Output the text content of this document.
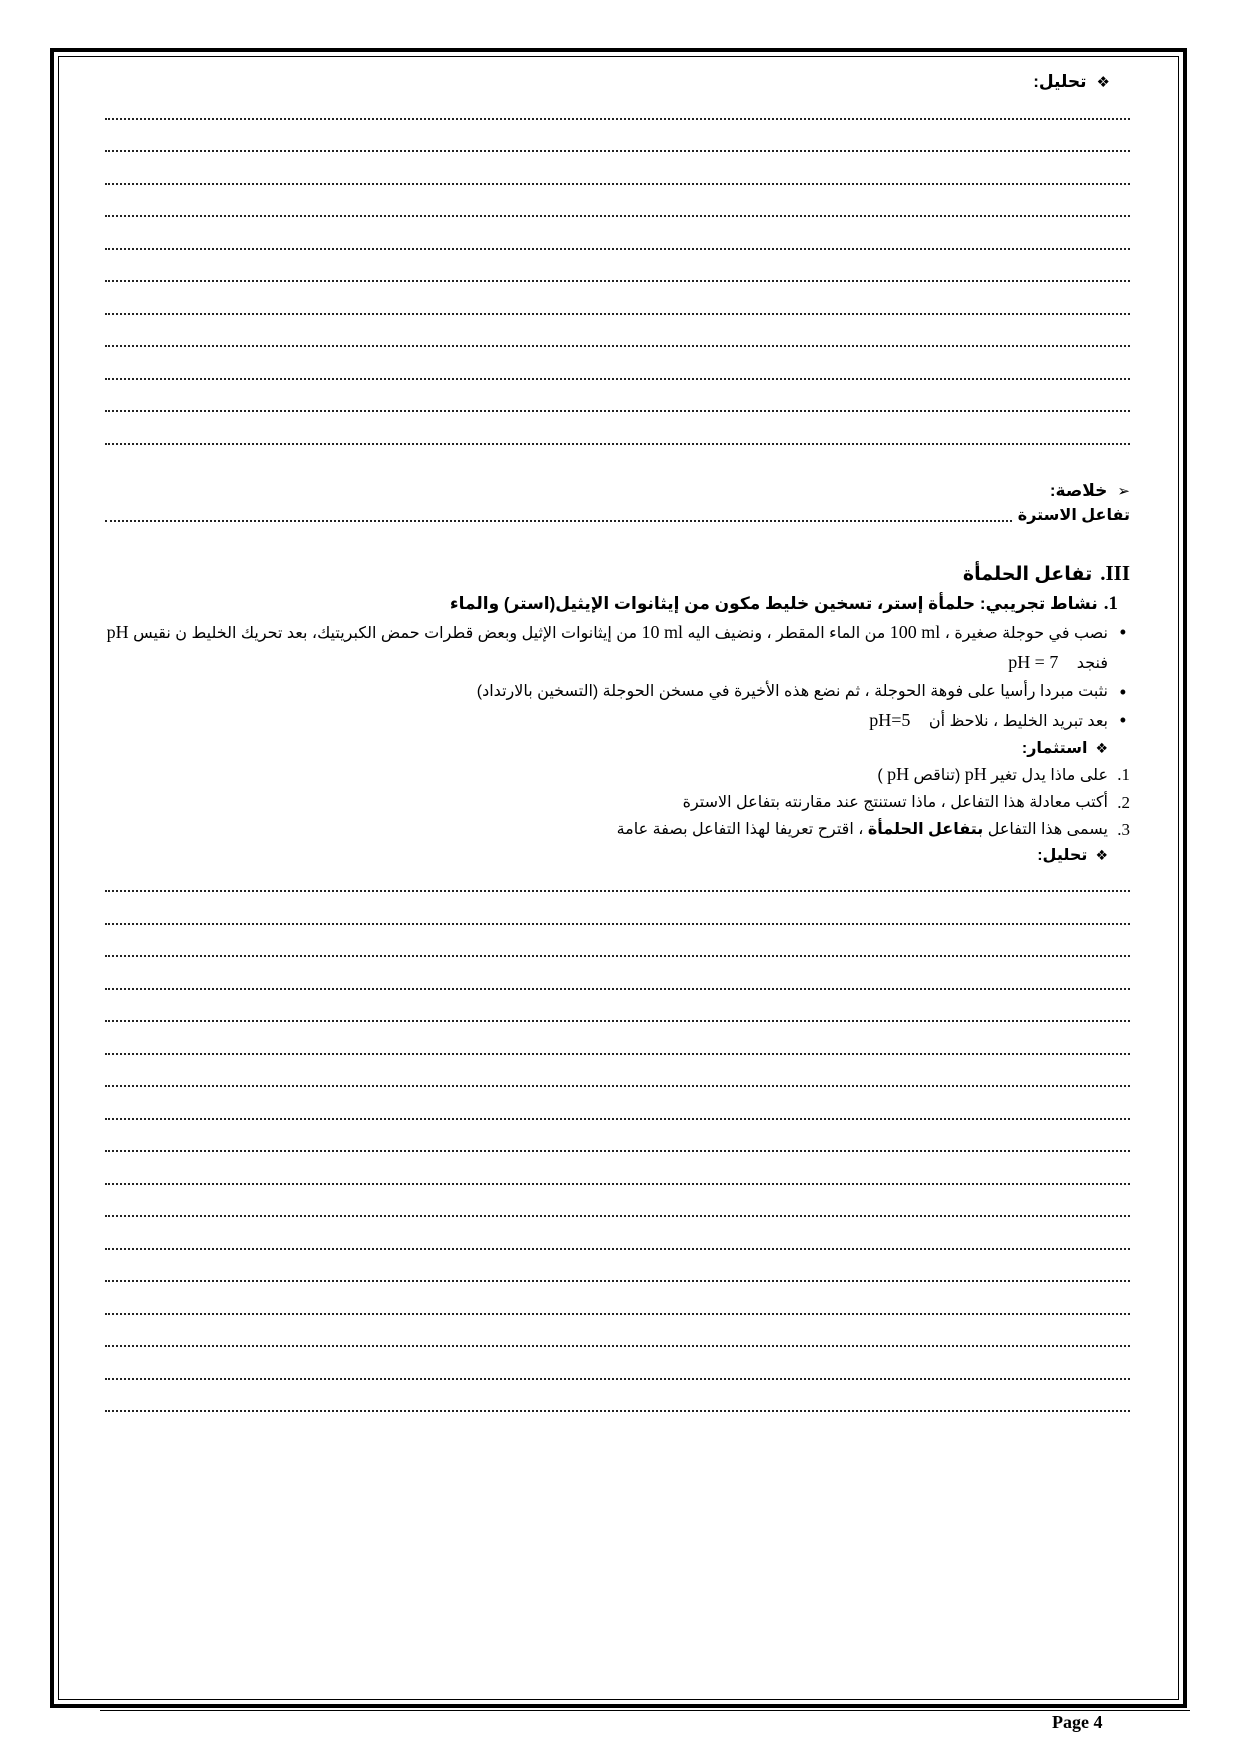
❖تحليل:
➢خلاصة:
تفاعل الاسترة
III.تفاعل الحلمأة
1.نشاط تجريبي: حلمأة إستر، تسخين خليط مكون من إيثانوات الإيثيل(استر) والماء
• نصب في حوجلة صغيرة ، 100 ml من الماء المقطر ، ونضيف اليه 10 ml من إيثانوات الإثيل وبعض قطرات حمض الكبريتيك، بعد تحريك الخليط ن نقيس pH فنجد pH = 7
• نثبت مبردا رأسيا على فوهة الحوجلة ، ثم نضع هذه الأخيرة في مسخن الحوجلة (التسخين بالارتداد)
• بعد تبريد الخليط ، نلاحظ أن pH=5
❖استثمار:
1.
على ماذا يدل تغير pH (تناقص pH )
2.
أكتب معادلة هذا التفاعل ، ماذا تستنتج عند مقارنته بتفاعل الاسترة
3.
يسمى هذا التفاعل بتفاعل الحلمأة ، اقترح تعريفا لهذا التفاعل بصفة عامة
❖تحليل:
Page 4
